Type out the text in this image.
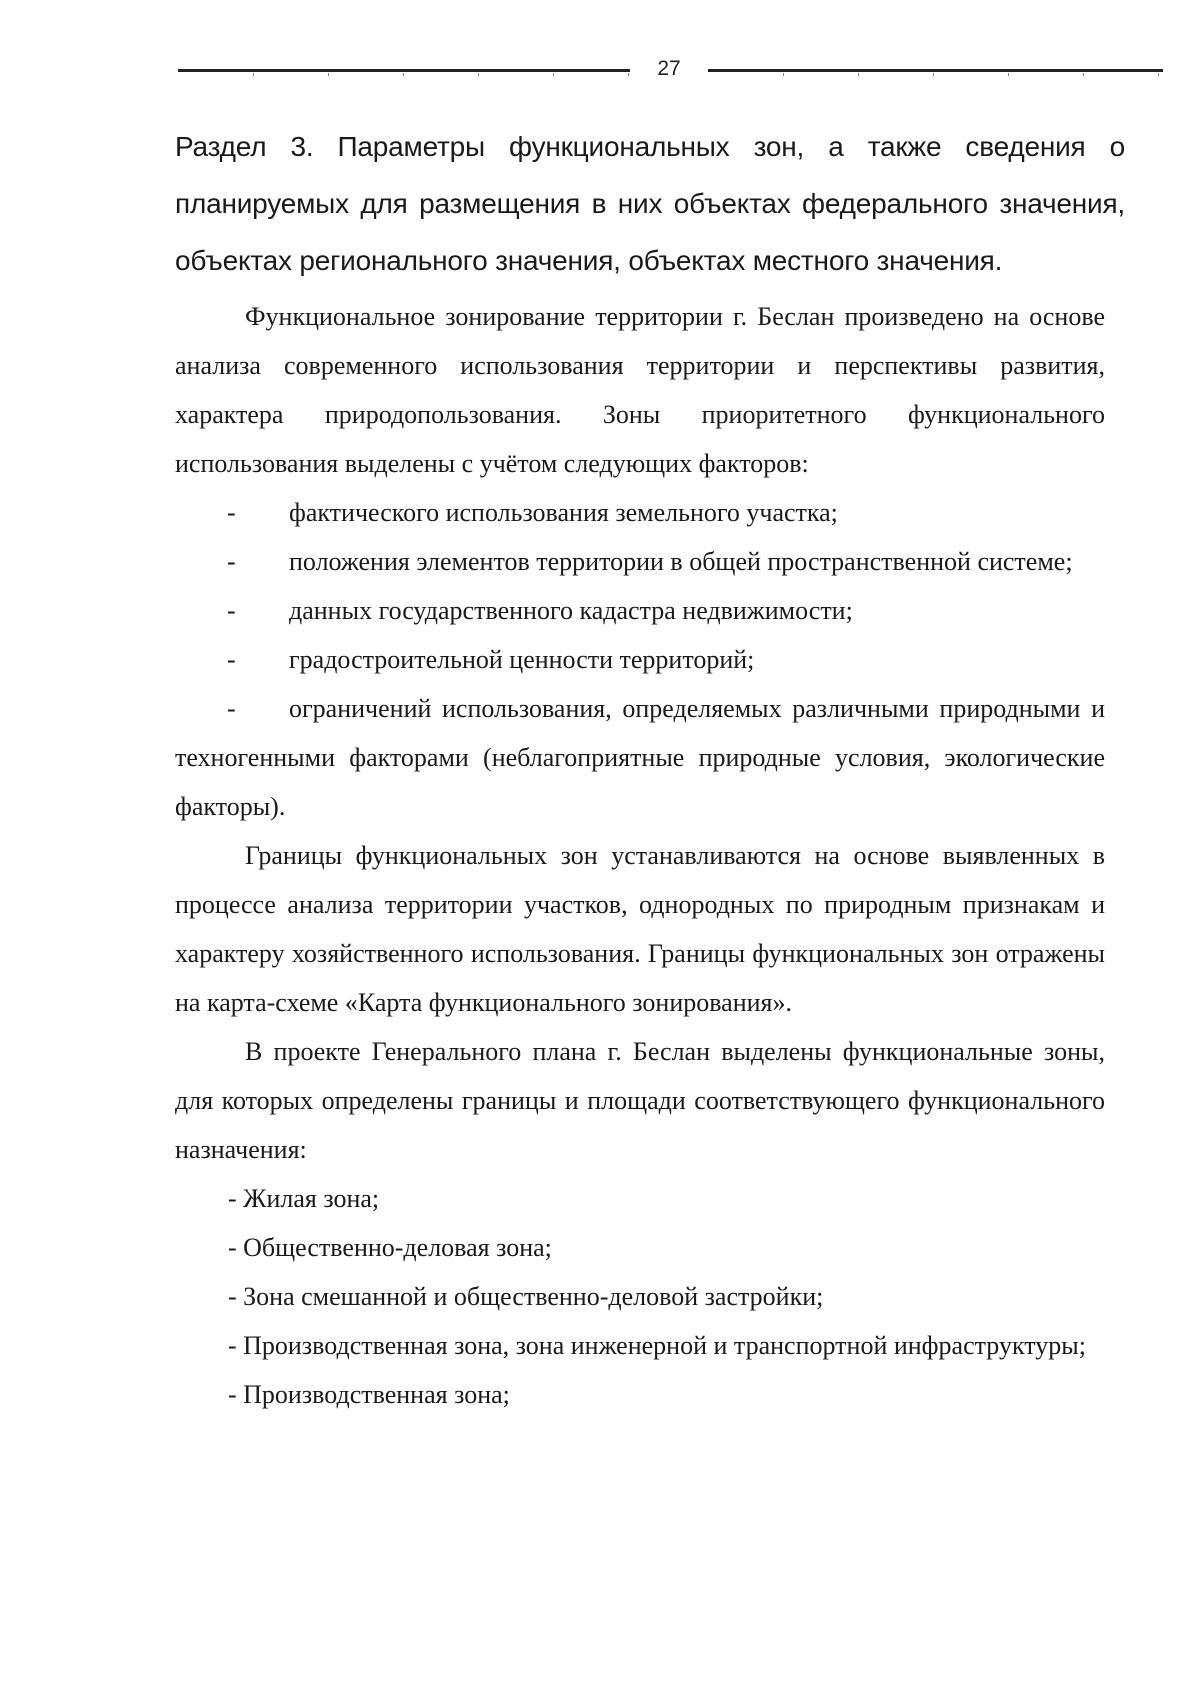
27
Раздел 3. Параметры функциональных зон, а также сведения о планируемых для размещения в них объектах федерального значения, объектах регионального значения, объектах местного значения.

Функциональное зонирование территории г. Беслан произведено на основе анализа современного использования территории и перспективы развития, характера природопользования. Зоны приоритетного функционального использования выделены с учётом следующих факторов:

- фактического использования земельного участка;

- положения элементов территории в общей пространственной системе;

- данных государственного кадастра недвижимости;

- градостроительной ценности территорий;

- ограничений использования, определяемых различными природными и техногенными факторами (неблагоприятные природные условия, экологические факторы).

Границы функциональных зон устанавливаются на основе выявленных в процессе анализа территории участков, однородных по природным признакам и характеру хозяйственного использования. Границы функциональных зон отражены на карта-схеме «Карта функционального зонирования».

В проекте Генерального плана г. Беслан выделены функциональные зоны, для которых определены границы и площади соответствующего функционального назначения:

- Жилая зона;
- Общественно-деловая зона;
- Зона смешанной и общественно-деловой застройки;
- Производственная зона, зона инженерной и транспортной инфраструктуры;
- Производственная зона;
